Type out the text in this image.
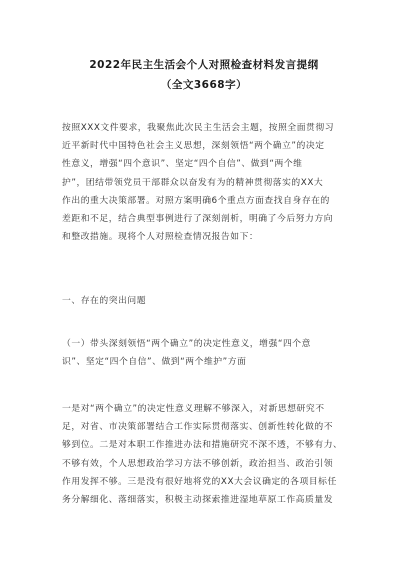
2022年民主生活会个人对照检查材料发言提纲
（全文3668字）
按照XXX文件要求，我聚焦此次民主生活会主题，按照全面贯彻习
近平新时代中国特色社会主义思想，深刻领悟“两个确立”的决定
性意义，增强“四个意识”、坚定“四个自信”、做到“两个维
护”，团结带领党员干部群众以奋发有为的精神贯彻落实的XX大
作出的重大决策部署。对照方案明确6个重点方面查找自身存在的
差距和不足，结合典型事例进行了深刻剖析，明确了今后努力方向
和整改措施。现将个人对照检查情况报告如下：
一、存在的突出问题
（一）带头深刻领悟“两个确立”的决定性意义，增强“四个意
识”、坚定“四个自信”、做到“两个维护”方面
一是对“两个确立”的决定性意义理解不够深入，对新思想研究不
足，对省、市决策部署结合工作实际贯彻落实、创新性转化做的不
够到位。二是对本职工作推进办法和措施研究不深不透，不够有力、
不够有效，个人思想政治学习方法不够创新，政治担当、政治引领
作用发挥不够。三是没有很好地将党的XX大会议确定的各项目标任
务分解细化、落细落实，积极主动探索推进湿地草原工作高质量发
